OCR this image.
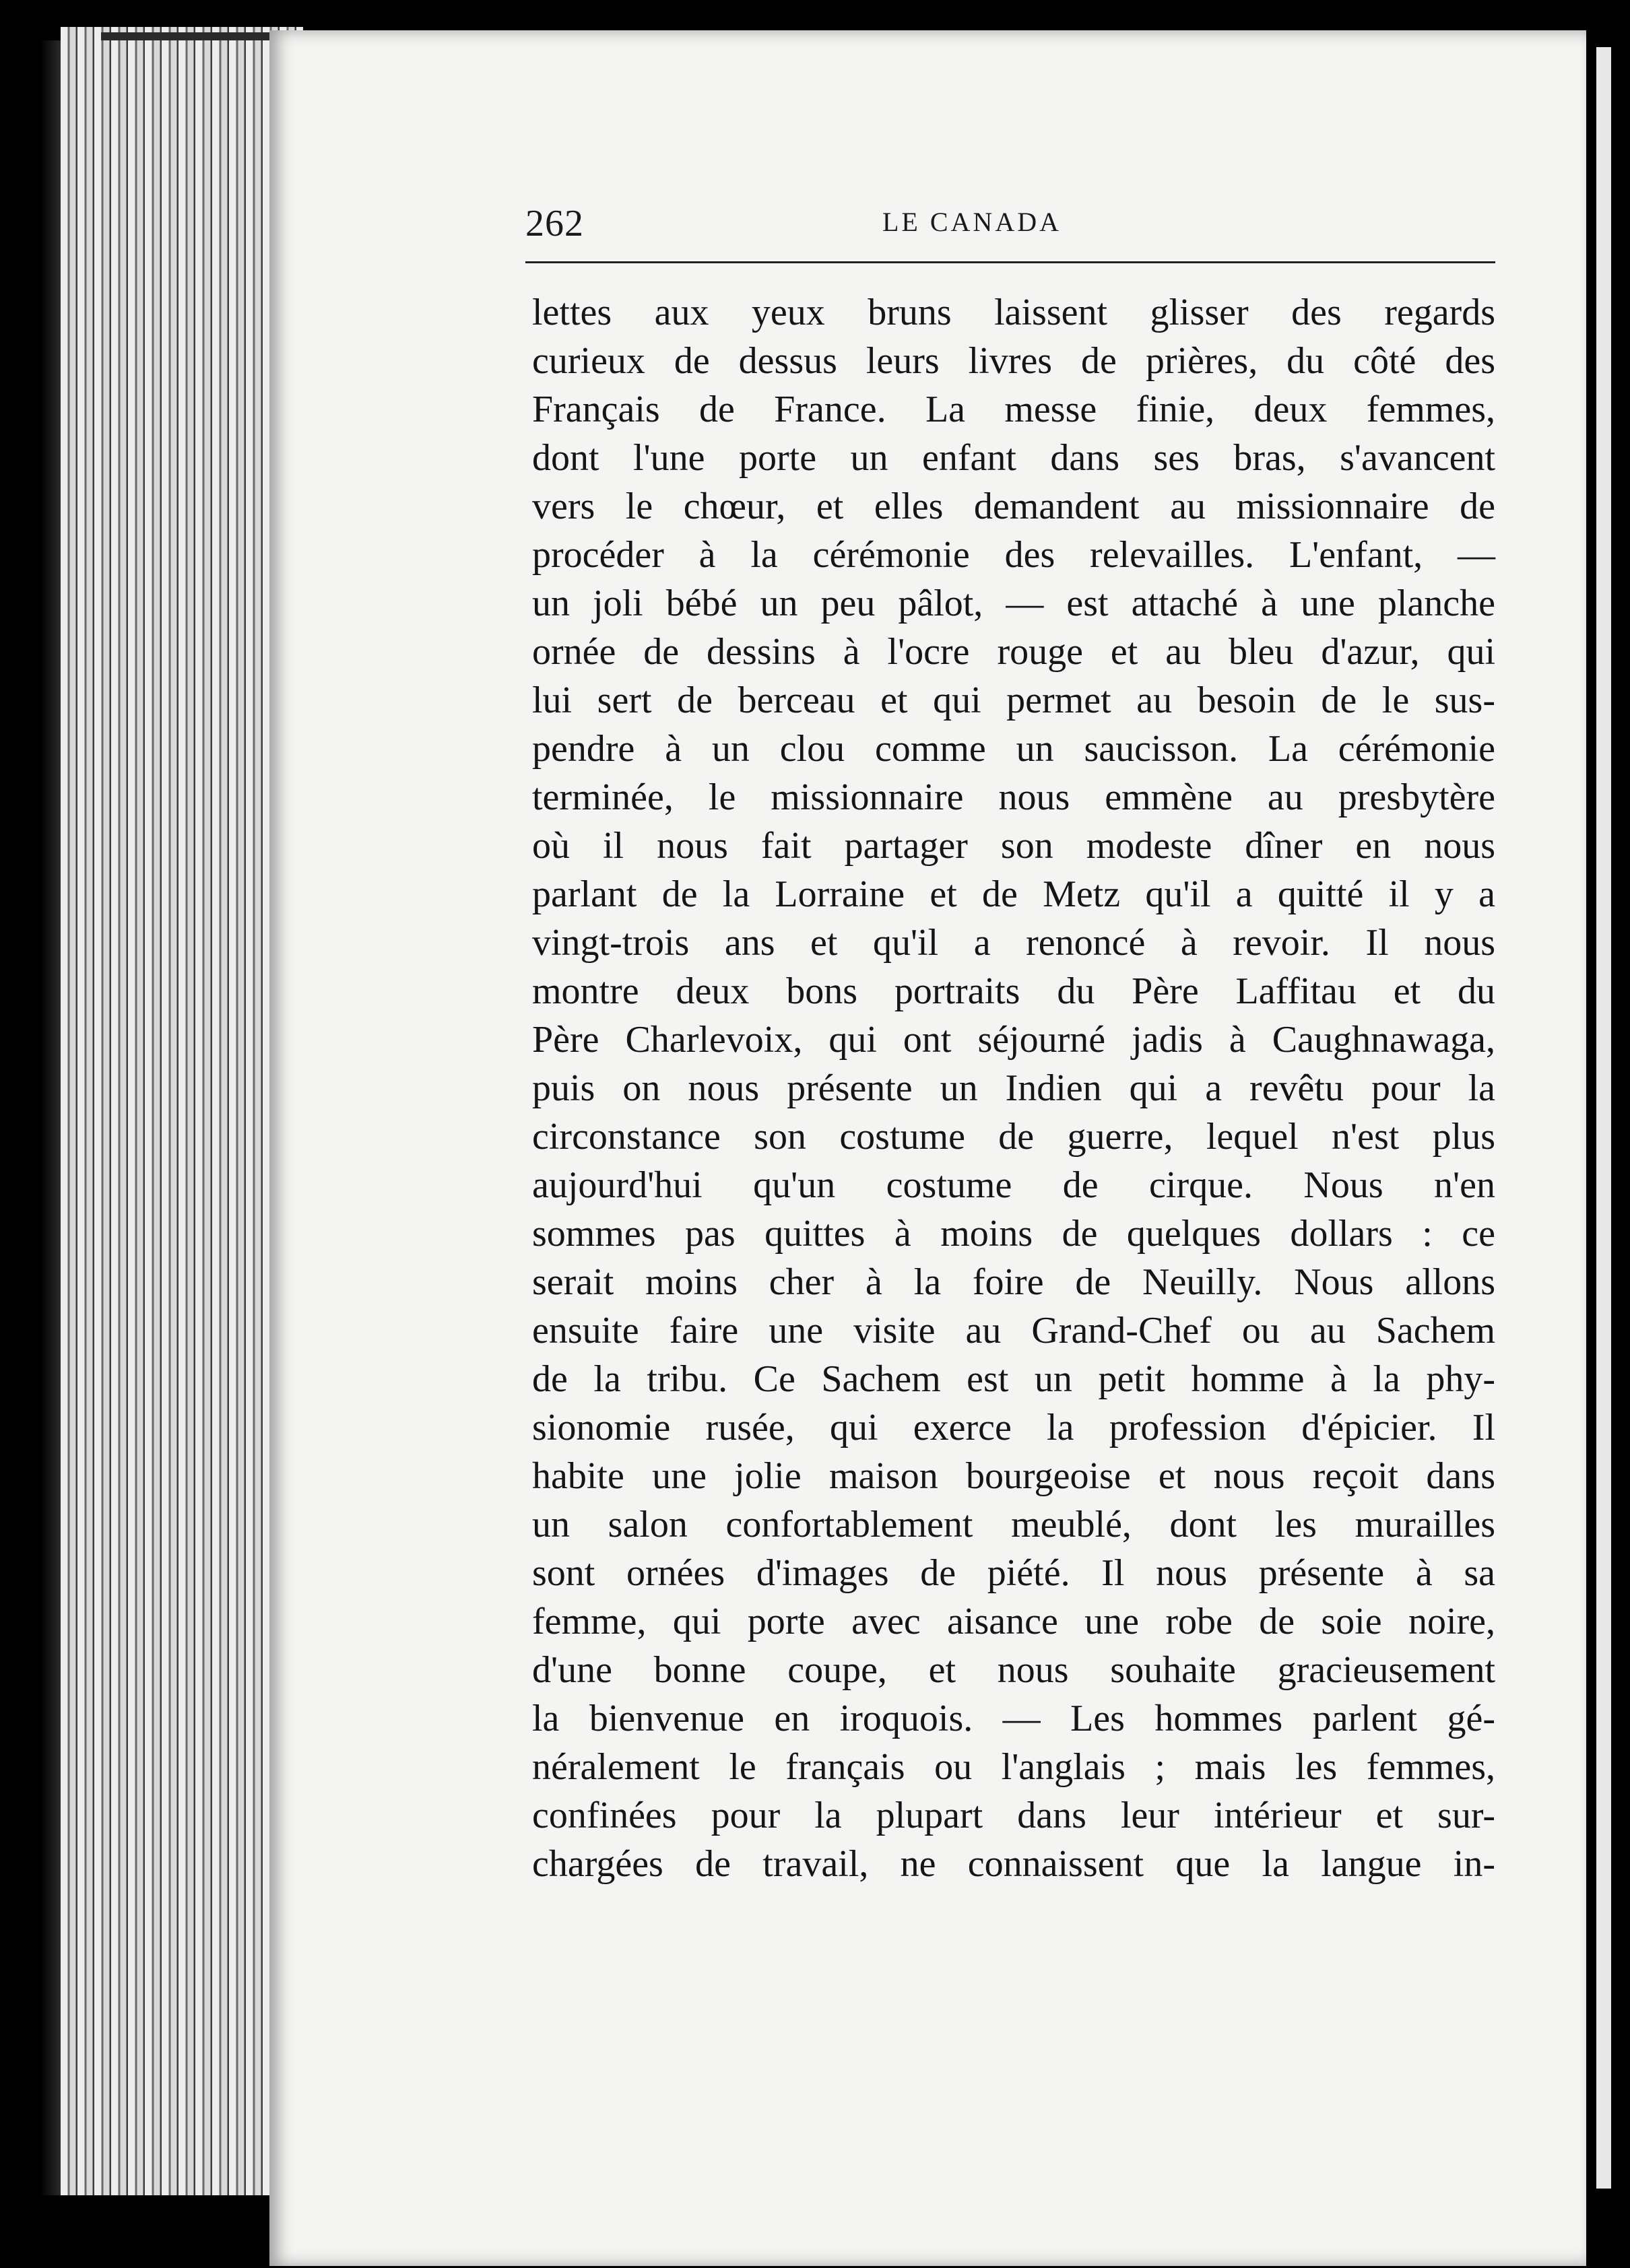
262	LE CANADA
lettes aux yeux bruns laissent glisser des regards
curieux de dessus leurs livres de prières, du côté des
Français de France. La messe finie, deux femmes,
dont l'une porte un enfant dans ses bras, s'avancent
vers le chœur, et elles demandent au missionnaire de
procéder à la cérémonie des relevailles. L'enfant, —
un joli bébé un peu pâlot, — est attaché à une planche
ornée de dessins à l'ocre rouge et au bleu d'azur, qui
lui sert de berceau et qui permet au besoin de le sus-
pendre à un clou comme un saucisson. La cérémonie
terminée, le missionnaire nous emmène au presbytère
où il nous fait partager son modeste dîner en nous
parlant de la Lorraine et de Metz qu'il a quitté il y a
vingt-trois ans et qu'il a renoncé à revoir. Il nous
montre deux bons portraits du Père Laffitau et du
Père Charlevoix, qui ont séjourné jadis à Caughnawaga,
puis on nous présente un Indien qui a revêtu pour la
circonstance son costume de guerre, lequel n'est plus
aujourd'hui qu'un costume de cirque. Nous n'en
sommes pas quittes à moins de quelques dollars : ce
serait moins cher à la foire de Neuilly. Nous allons
ensuite faire une visite au Grand-Chef ou au Sachem
de la tribu. Ce Sachem est un petit homme à la phy-
sionomie rusée, qui exerce la profession d'épicier. Il
habite une jolie maison bourgeoise et nous reçoit dans
un salon confortablement meublé, dont les murailles
sont ornées d'images de piété. Il nous présente à sa
femme, qui porte avec aisance une robe de soie noire,
d'une bonne coupe, et nous souhaite gracieusement
la bienvenue en iroquois. — Les hommes parlent gé-
néralement le français ou l'anglais ; mais les femmes,
confinées pour la plupart dans leur intérieur et sur-
chargées de travail, ne connaissent que la langue in-
